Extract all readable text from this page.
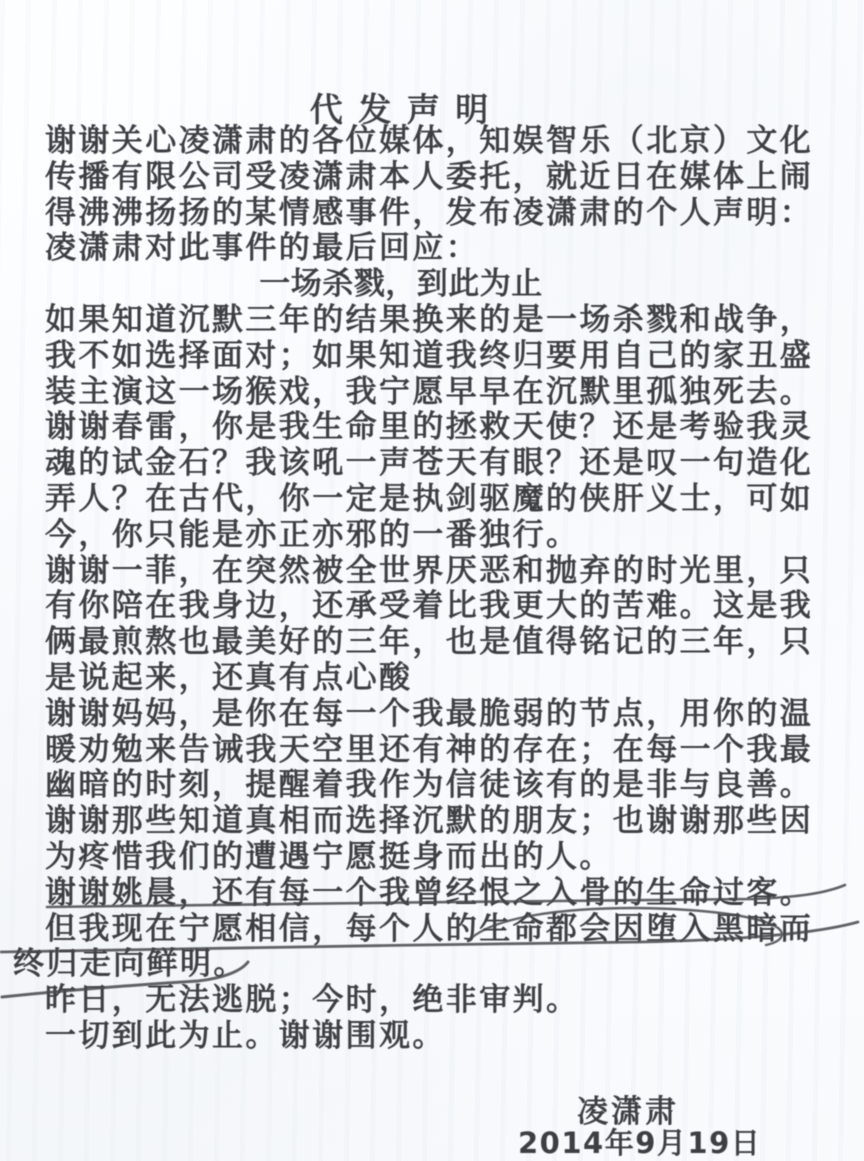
代 发 声 明
谢谢关心凌潇肃的各位媒体，知娱智乐（北京）文化
传播有限公司受凌潇肃本人委托，就近日在媒体上闹
得沸沸扬扬的某情感事件，发布凌潇肃的个人声明：
凌潇肃对此事件的最后回应：
一场杀戮，到此为止
如果知道沉默三年的结果换来的是一场杀戮和战争，
我不如选择面对；如果知道我终归要用自己的家丑盛
装主演这一场猴戏，我宁愿早早在沉默里孤独死去。
谢谢春雷，你是我生命里的拯救天使？还是考验我灵
魂的试金石？我该吼一声苍天有眼？还是叹一句造化
弄人？在古代，你一定是执剑驱魔的侠肝义士，可如
今，你只能是亦正亦邪的一番独行。
谢谢一菲，在突然被全世界厌恶和抛弃的时光里，只
有你陪在我身边，还承受着比我更大的苦难。这是我
俩最煎熬也最美好的三年，也是值得铭记的三年，只
是说起来，还真有点心酸
谢谢妈妈，是你在每一个我最脆弱的节点，用你的温
暖劝勉来告诫我天空里还有神的存在；在每一个我最
幽暗的时刻，提醒着我作为信徒该有的是非与良善。
谢谢那些知道真相而选择沉默的朋友；也谢谢那些因
为疼惜我们的遭遇宁愿挺身而出的人。
谢谢姚晨，还有每一个我曾经恨之入骨的生命过客。
但我现在宁愿相信，每个人的生命都会因堕入黑暗而
终归走向鲜明。
昨日，无法逃脱；今时，绝非审判。
一切到此为止。谢谢围观。
凌潇肃
2014年9月19日
